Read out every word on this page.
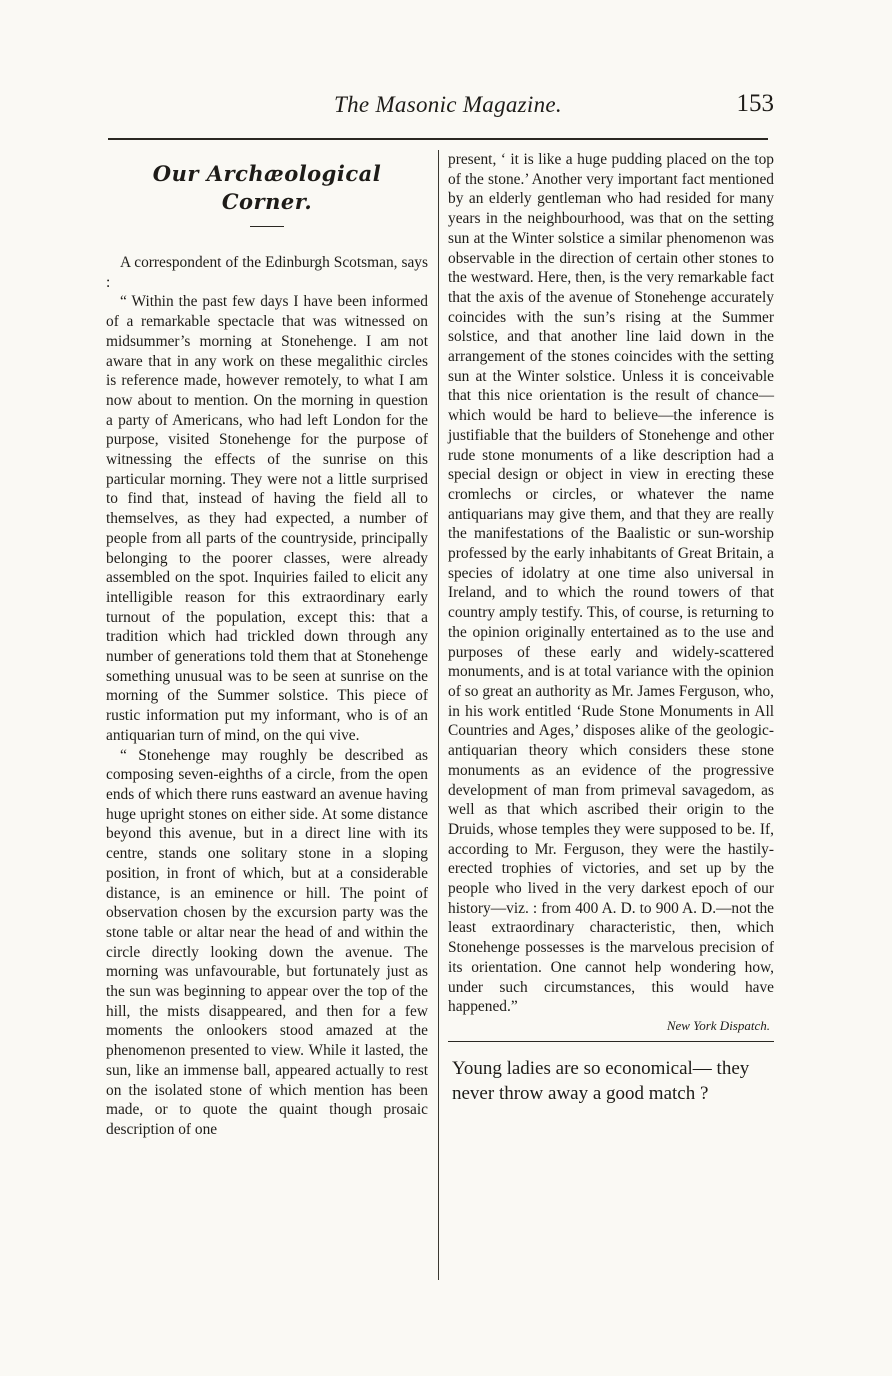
The Masonic Magazine.	153
Our Archæological Corner.

A correspondent of the Edinburgh Scotsman, says :

“ Within the past few days I have been informed of a remarkable spectacle that was witnessed on midsummer’s morning at Stonehenge. I am not aware that in any work on these megalithic circles is reference made, however remotely, to what I am now about to mention. On the morning in question a party of Americans, who had left London for the purpose, visited Stonehenge for the purpose of witnessing the effects of the sunrise on this particular morning. They were not a little surprised to find that, instead of having the field all to themselves, as they had expected, a number of people from all parts of the countryside, principally belonging to the poorer classes, were already assembled on the spot. Inquiries failed to elicit any intelligible reason for this extraordinary early turnout of the population, except this: that a tradition which had trickled down through any number of generations told them that at Stonehenge something unusual was to be seen at sunrise on the morning of the Summer solstice. This piece of rustic information put my informant, who is of an antiquarian turn of mind, on the qui vive.

“ Stonehenge may roughly be described as composing seven-eighths of a circle, from the open ends of which there runs eastward an avenue having huge upright stones on either side. At some distance beyond this avenue, but in a direct line with its centre, stands one solitary stone in a sloping position, in front of which, but at a considerable distance, is an eminence or hill. The point of observation chosen by the excursion party was the stone table or altar near the head of and within the circle directly looking down the avenue. The morning was unfavourable, but fortunately just as the sun was beginning to appear over the top of the hill, the mists disappeared, and then for a few moments the onlookers stood amazed at the phenomenon presented to view. While it lasted, the sun, like an immense ball, appeared actually to rest on the isolated stone of which mention has been made, or to quote the quaint though prosaic description of one

present, ‘ it is like a huge pudding placed on the top of the stone.’ Another very important fact mentioned by an elderly gentleman who had resided for many years in the neighbourhood, was that on the setting sun at the Winter solstice a similar phenomenon was observable in the direction of certain other stones to the westward. Here, then, is the very remarkable fact that the axis of the avenue of Stonehenge accurately coincides with the sun’s rising at the Summer solstice, and that another line laid down in the arrangement of the stones coincides with the setting sun at the Winter solstice. Unless it is conceivable that this nice orientation is the result of chance—which would be hard to believe—the inference is justifiable that the builders of Stonehenge and other rude stone monuments of a like description had a special design or object in view in erecting these cromlechs or circles, or whatever the name antiquarians may give them, and that they are really the manifestations of the Baalistic or sun-worship professed by the early inhabitants of Great Britain, a species of idolatry at one time also universal in Ireland, and to which the round towers of that country amply testify. This, of course, is returning to the opinion originally entertained as to the use and purposes of these early and widely-scattered monuments, and is at total variance with the opinion of so great an authority as Mr. James Ferguson, who, in his work entitled ‘Rude Stone Monuments in All Countries and Ages,’ disposes alike of the geologic-antiquarian theory which considers these stone monuments as an evidence of the progressive development of man from primeval savagedom, as well as that which ascribed their origin to the Druids, whose temples they were supposed to be. If, according to Mr. Ferguson, they were the hastily-erected trophies of victories, and set up by the people who lived in the very darkest epoch of our history—viz. : from 400 A. D. to 900 A. D.—not the least extraordinary characteristic, then, which Stonehenge possesses is the marvelous precision of its orientation. One cannot help wondering how, under such circumstances, this would have happened.”

New York Dispatch.

Young ladies are so economical— they never throw away a good match ?
